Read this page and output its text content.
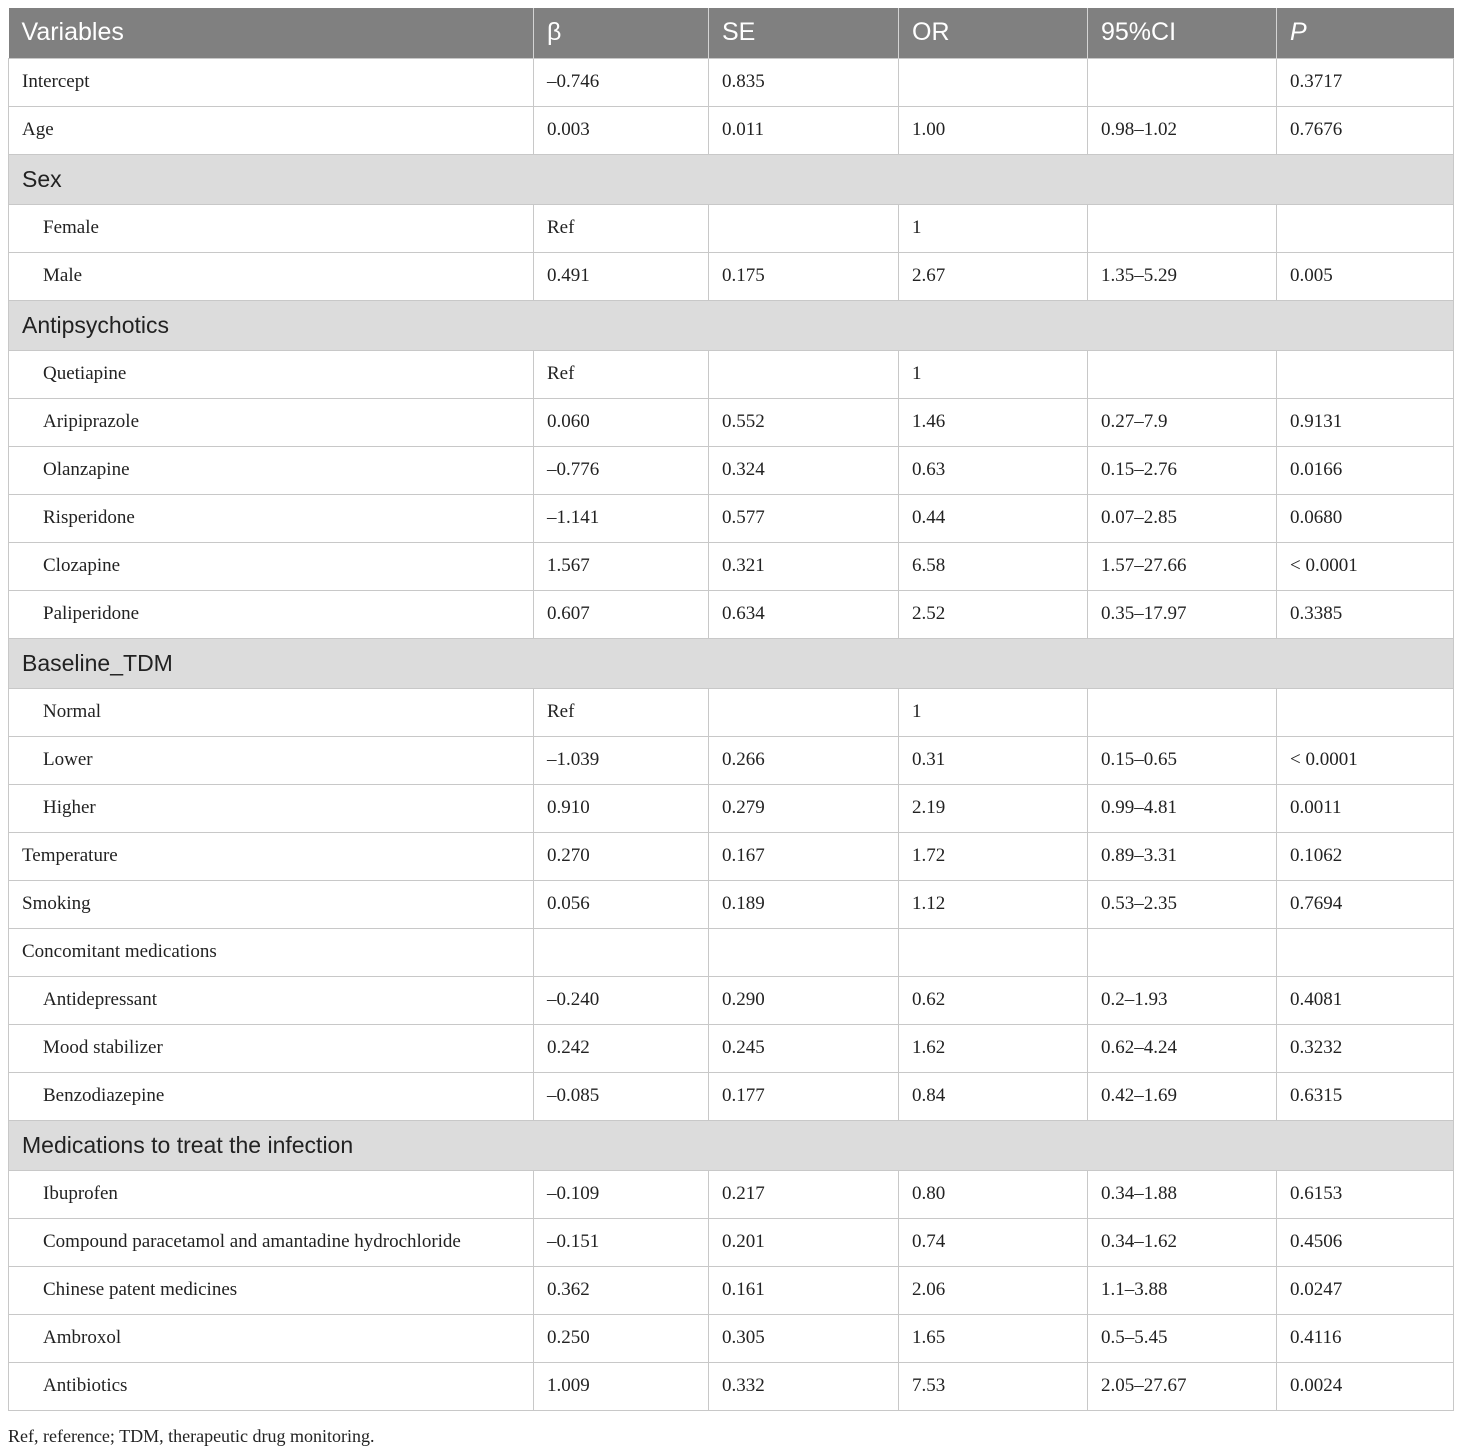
Variables	β	SE	OR	95%CI	P
Intercept	–0.746	0.835			0.3717
Age	0.003	0.011	1.00	0.98–1.02	0.7676
Sex					
Female	Ref		1		
Male	0.491	0.175	2.67	1.35–5.29	0.005
Antipsychotics					
Quetiapine	Ref		1		
Aripiprazole	0.060	0.552	1.46	0.27–7.9	0.9131
Olanzapine	–0.776	0.324	0.63	0.15–2.76	0.0166
Risperidone	–1.141	0.577	0.44	0.07–2.85	0.0680
Clozapine	1.567	0.321	6.58	1.57–27.66	< 0.0001
Paliperidone	0.607	0.634	2.52	0.35–17.97	0.3385
Baseline_TDM					
Normal	Ref		1		
Lower	–1.039	0.266	0.31	0.15–0.65	< 0.0001
Higher	0.910	0.279	2.19	0.99–4.81	0.0011
Temperature	0.270	0.167	1.72	0.89–3.31	0.1062
Smoking	0.056	0.189	1.12	0.53–2.35	0.7694
Concomitant medications					
Antidepressant	–0.240	0.290	0.62	0.2–1.93	0.4081
Mood stabilizer	0.242	0.245	1.62	0.62–4.24	0.3232
Benzodiazepine	–0.085	0.177	0.84	0.42–1.69	0.6315
Medications to treat the infection					
Ibuprofen	–0.109	0.217	0.80	0.34–1.88	0.6153
Compound paracetamol and amantadine hydrochloride	–0.151	0.201	0.74	0.34–1.62	0.4506
Chinese patent medicines	0.362	0.161	2.06	1.1–3.88	0.0247
Ambroxol	0.250	0.305	1.65	0.5–5.45	0.4116
Antibiotics	1.009	0.332	7.53	2.05–27.67	0.0024
Ref, reference; TDM, therapeutic drug monitoring.
